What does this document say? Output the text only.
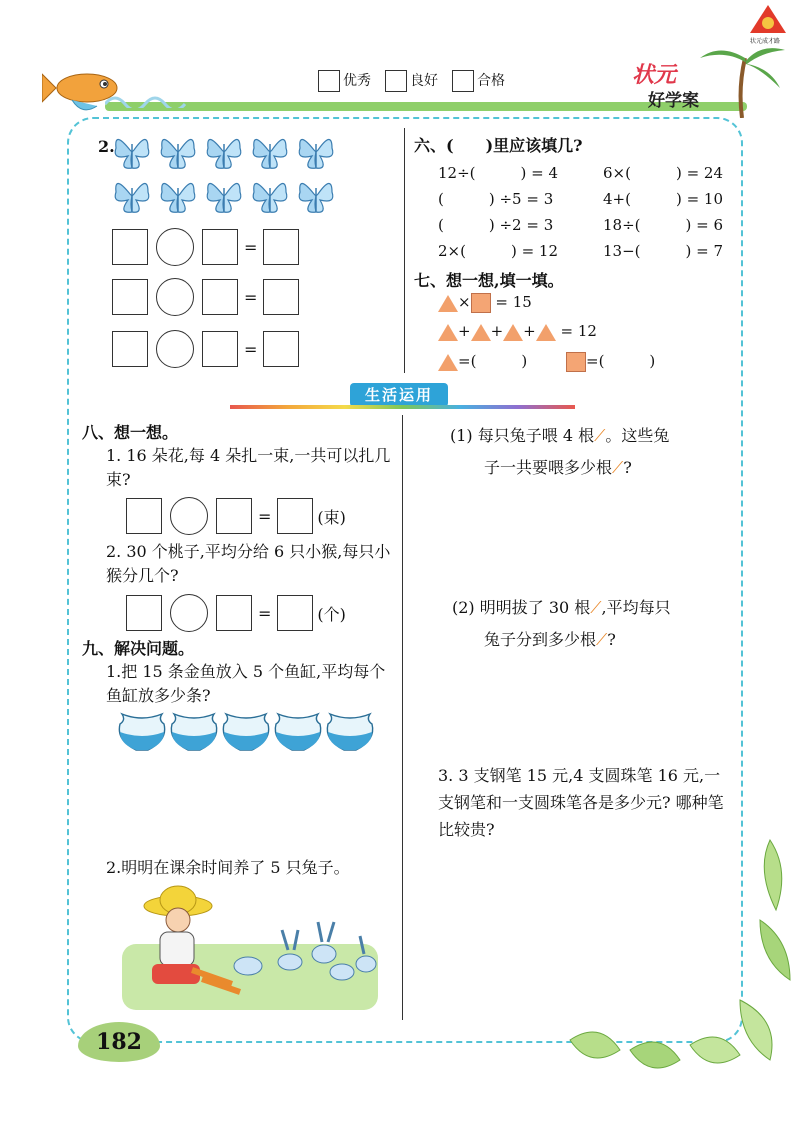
优秀	良好	合格	状元
好学案
状元成才路
2.
=
=
=
六、(　　)里应该填几?
12÷(　　　) = 4	6×(　　　) = 24
(　　　) ÷5 = 3	4+(　　　) = 10
(　　　) ÷2 = 3	18÷(　　　) = 6
2×(　　　) = 12	13−(　　　) = 7
七、想一想,填一填。
× = 15
+ + + = 12
=(　　　)	=(　　　)
生活运用
八、想一想。
1. 16 朵花,每 4 朵扎一束,一共可以扎几束?
=	(束)
2. 30 个桃子,平均分给 6 只小猴,每只小猴分几个?
=	(个)
九、解决问题。
1.把 15 条金鱼放入 5 个鱼缸,平均每个鱼缸放多少条?
2.明明在课余时间养了 5 只兔子。
(1) 每只兔子喂 4 根⟋。这些兔
子一共要喂多少根⟋?
(2) 明明拔了 30 根⟋,平均每只
兔子分到多少根⟋?
3. 3 支钢笔 15 元,4 支圆珠笔 16 元,一支钢笔和一支圆珠笔各是多少元? 哪种笔比较贵?
182
